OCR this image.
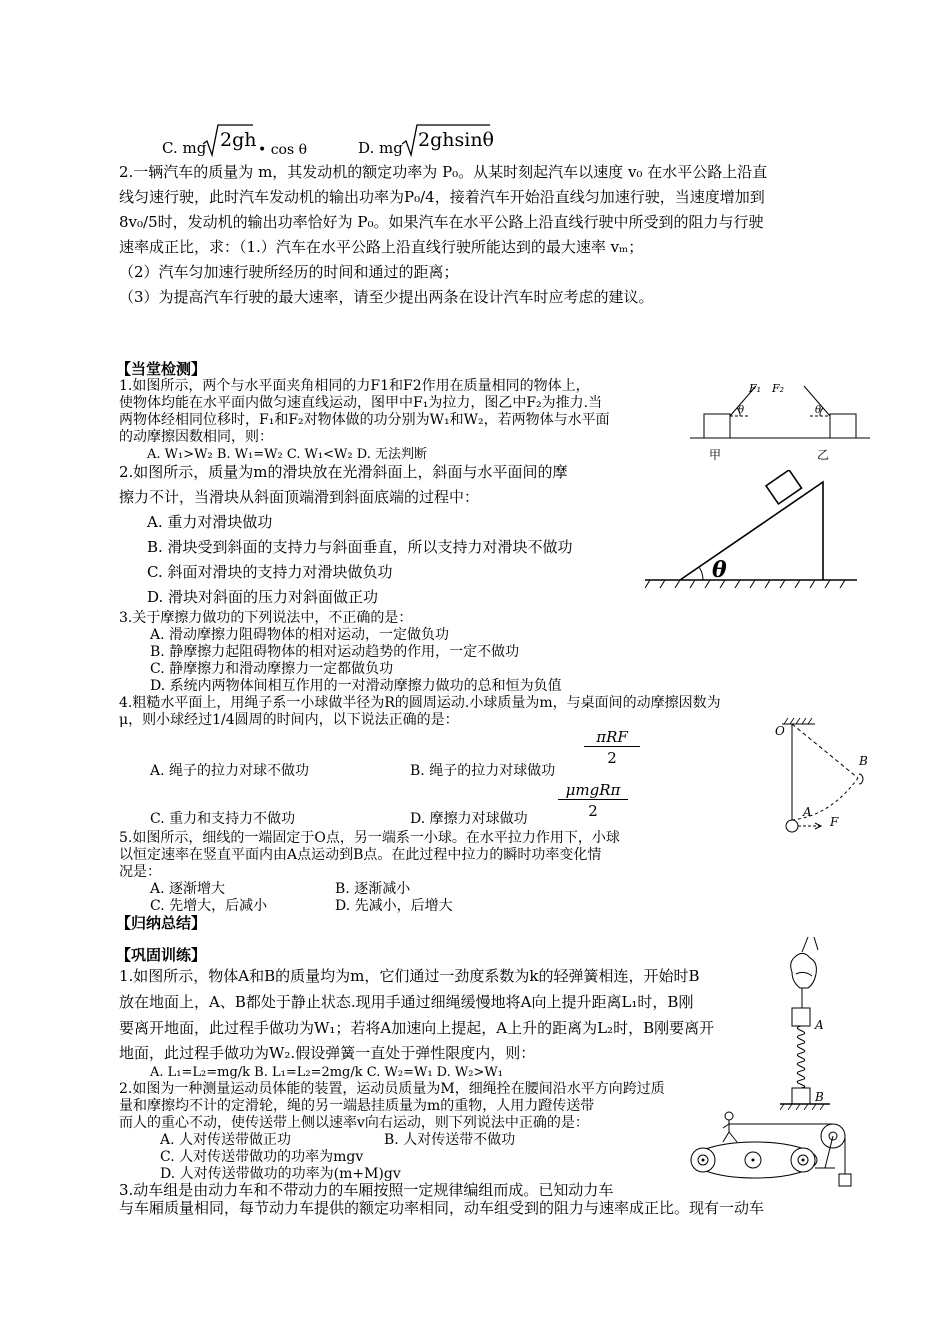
C. mg 2gh • cos θ	D. mg 2ghsinθ
2.一辆汽车的质量为 m，其发动机的额定功率为 P₀。从某时刻起汽车以速度 v₀ 在水平公路上沿直
线匀速行驶，此时汽车发动机的输出功率为P₀/4，接着汽车开始沿直线匀加速行驶，当速度增加到
8v₀/5时，发动机的输出功率恰好为 P₀。如果汽车在水平公路上沿直线行驶中所受到的阻力与行驶
速率成正比，求：（1.）汽车在水平公路上沿直线行驶所能达到的最大速率 vₘ；
（2）汽车匀加速行驶所经历的时间和通过的距离；
（3）为提高汽车行驶的最大速率，请至少提出两条在设计汽车时应考虑的建议。
【当堂检测】
1.如图所示，两个与水平面夹角相同的力F1和F2作用在质量相同的物体上，
使物体均能在水平面内做匀速直线运动，图甲中F₁为拉力，图乙中F₂为推力.当
两物体经相同位移时，F₁和F₂对物体做的功分别为W₁和W₂，若两物体与水平面
的动摩擦因数相同，则：
A. W₁>W₂ B. W₁=W₂ C. W₁<W₂ D. 无法判断
F₁ F₂
θ	θ
甲	乙
2.如图所示，质量为m的滑块放在光滑斜面上，斜面与水平面间的摩
擦力不计，当滑块从斜面顶端滑到斜面底端的过程中：
A. 重力对滑块做功
B. 滑块受到斜面的支持力与斜面垂直，所以支持力对滑块不做功
C. 斜面对滑块的支持力对滑块做负功
D. 滑块对斜面的压力对斜面做正功
θ
3.关于摩擦力做功的下列说法中，不正确的是：
A. 滑动摩擦力阻碍物体的相对运动，一定做负功
B. 静摩擦力起阻碍物体的相对运动趋势的作用，一定不做功
C. 静摩擦力和滑动摩擦力一定都做负功
D. 系统内两物体间相互作用的一对滑动摩擦力做功的总和恒为负值
4.粗糙水平面上，用绳子系一小球做半径为R的圆周运动.小球质量为m，与桌面间的动摩擦因数为
μ，则小球经过1/4圆周的时间内，以下说法正确的是：
A. 绳子的拉力对球不做功	B. 绳子的拉力对球做功
πRF
2
C. 重力和支持力不做功	D. 摩擦力对球做功
μmgRπ
2
O
B
A
F
5.如图所示，细线的一端固定于O点，另一端系一小球。在水平拉力作用下，小球
以恒定速率在竖直平面内由A点运动到B点。在此过程中拉力的瞬时功率变化情
况是：
A. 逐渐增大	B. 逐渐减小
C. 先增大，后减小	D. 先减小，后增大
【归纳总结】
【巩固训练】
1.如图所示，物体A和B的质量均为m，它们通过一劲度系数为k的轻弹簧相连，开始时B
放在地面上，A、B都处于静止状态.现用手通过细绳缓慢地将A向上提升距离L₁时，B刚
要离开地面，此过程手做功为W₁；若将A加速向上提起，A上升的距离为L₂时，B刚要离开
地面，此过程手做功为W₂.假设弹簧一直处于弹性限度内，则：
A. L₁=L₂=mg/k B. L₁=L₂=2mg/k C. W₂=W₁ D. W₂>W₁
A
B
2.如图为一种测量运动员体能的装置，运动员质量为M，细绳拴在腰间沿水平方向跨过质
量和摩擦均不计的定滑轮，绳的另一端悬挂质量为m的重物，人用力蹬传送带
而人的重心不动，使传送带上侧以速率v向右运动，则下列说法中正确的是：
A. 人对传送带做正功	B. 人对传送带不做功
C. 人对传送带做功的功率为mgv
D. 人对传送带做功的功率为(m+M)gv
3.动车组是由动力车和不带动力的车厢按照一定规律编组而成。已知动力车
与车厢质量相同，每节动力车提供的额定功率相同，动车组受到的阻力与速率成正比。现有一动车
